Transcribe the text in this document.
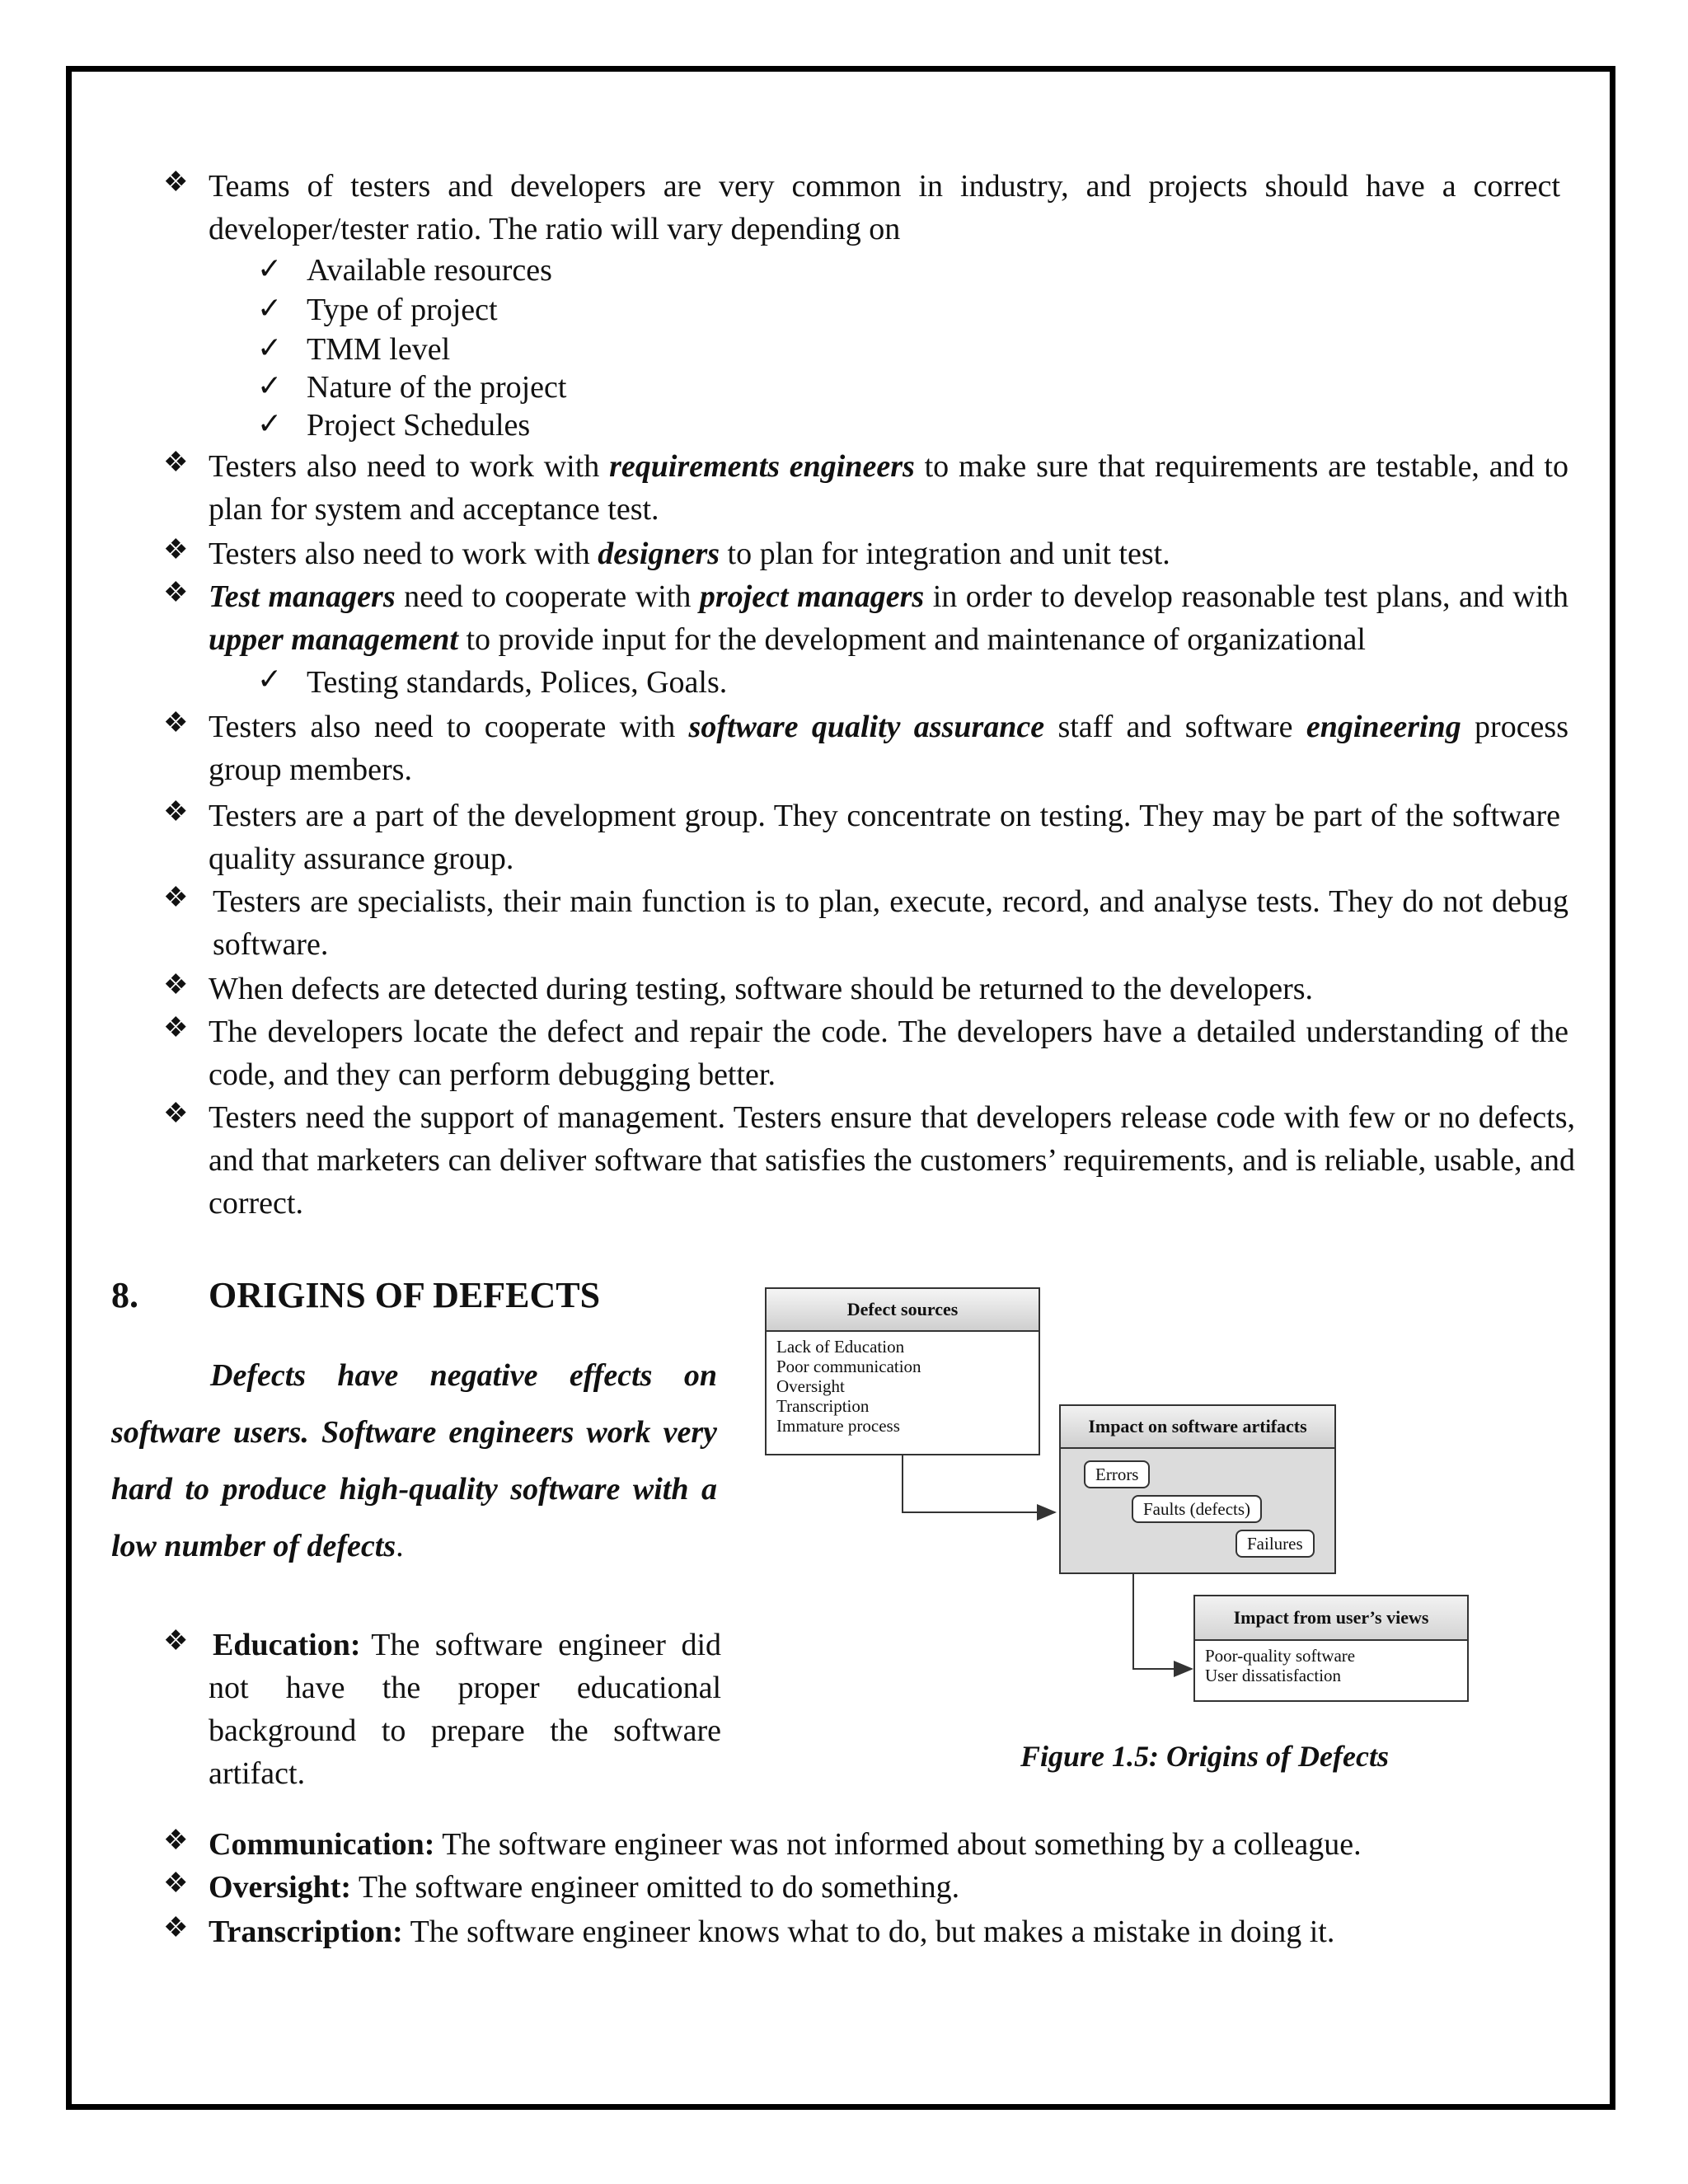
❖ Teams of testers and developers are very common in industry, and projects should have a correct developer/tester ratio. The ratio will vary depending on
✓ Available resources
✓ Type of project
✓ TMM level
✓ Nature of the project
✓ Project Schedules
❖ Testers also need to work with requirements engineers to make sure that requirements are testable, and to plan for system and acceptance test.
❖ Testers also need to work with designers to plan for integration and unit test.
❖ Test managers need to cooperate with project managers in order to develop reasonable test plans, and with upper management to provide input for the development and maintenance of organizational
✓ Testing standards, Polices, Goals.
❖ Testers also need to cooperate with software quality assurance staff and software engineering process group members.
❖ Testers are a part of the development group. They concentrate on testing. They may be part of the software quality assurance group.
❖ Testers are specialists, their main function is to plan, execute, record, and analyse tests. They do not debug software.
❖ When defects are detected during testing, software should be returned to the developers.
❖ The developers locate the defect and repair the code. The developers have a detailed understanding of the code, and they can perform debugging better.
❖ Testers need the support of management. Testers ensure that developers release code with few or no defects, and that marketers can deliver software that satisfies the customers’ requirements, and is reliable, usable, and correct.
8. ORIGINS OF DEFECTS
Defects have negative effects on
software users. Software engineers work very hard to produce high-quality software with a low number of defects.
❖ Education:
The software engineer did not have the proper educational background to prepare the software artifact.
❖ Communication: The software engineer was not informed about something by a colleague.
❖ Oversight: The software engineer omitted to do something.
❖ Transcription: The software engineer knows what to do, but makes a mistake in doing it.
Defect sources
Lack of Education
Poor communication
Oversight
Transcription
Immature process	Impact on software artifacts
Errors
Faults (defects)
Failures
Impact from user’s views
Poor-quality software
User dissatisfaction
Figure 1.5: Origins of Defects
